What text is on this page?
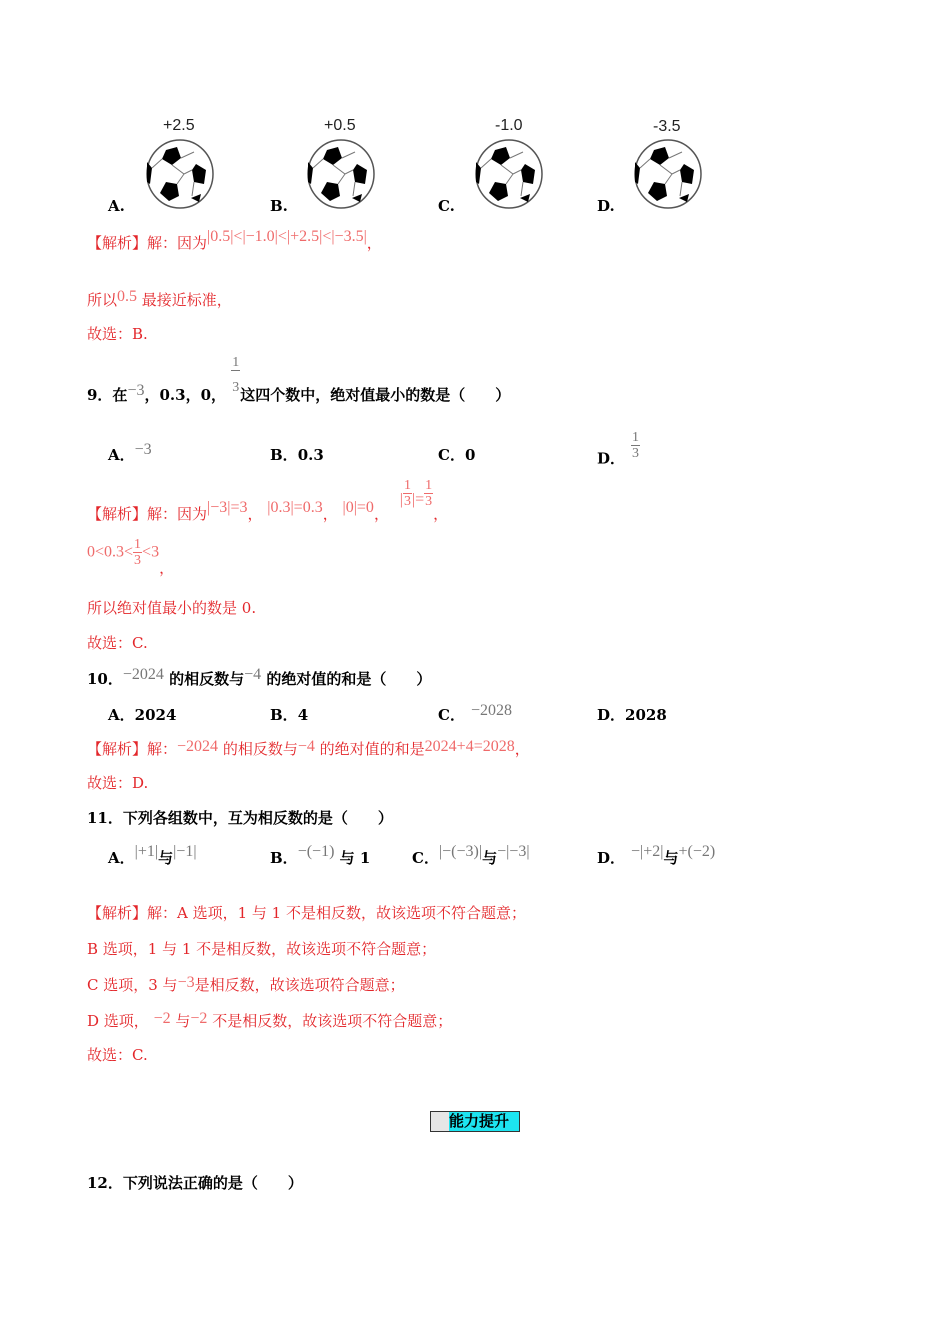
+2.5	+0.5	-1.0	-3.5
A.	B.	C.	D.
【解析】解：因为|0.5|<|−1.0|<|+2.5|<|−3.5|，
所以0.5 最接近标准，
故选：B.
9．在−3，0.3，0， $\frac{1}{3}$ 这四个数中，绝对值最小的数是（　　）
A．−3	B．0.3	C．0	D． $\frac{1}{3}$
【解析】解：因为|−3|=3， |0.3|=0.3， |0|=0， | $\frac{1}{3}$ |= $\frac{1}{3}$
，
$0<0.3< \frac{1}{3} <3$，
所以绝对值最小的数是 0.
故选：C.
10．−2024 的相反数与−4 的绝对值的和是（　　）
A．2024	B．4	C． −2028	D．2028
【解析】解：−2024 的相反数与−4 的绝对值的和是2024+4=2028，
故选：D.
11．下列各组数中，互为相反数的是（　　）
A．|+1|与|−1|	B．−(−1) 与 1	C．|−(−3)|与−|−3|	D． −|+2|与+(−2)
【解析】解：A 选项，1 与 1 不是相反数，故该选项不符合题意；
B 选项，1 与 1 不是相反数，故该选项不符合题意；
C 选项，3 与−3是相反数，故该选项符合题意；
D 选项， −2 与−2 不是相反数，故该选项不符合题意；
故选：C.
能力提升
12．下列说法正确的是（　　）
